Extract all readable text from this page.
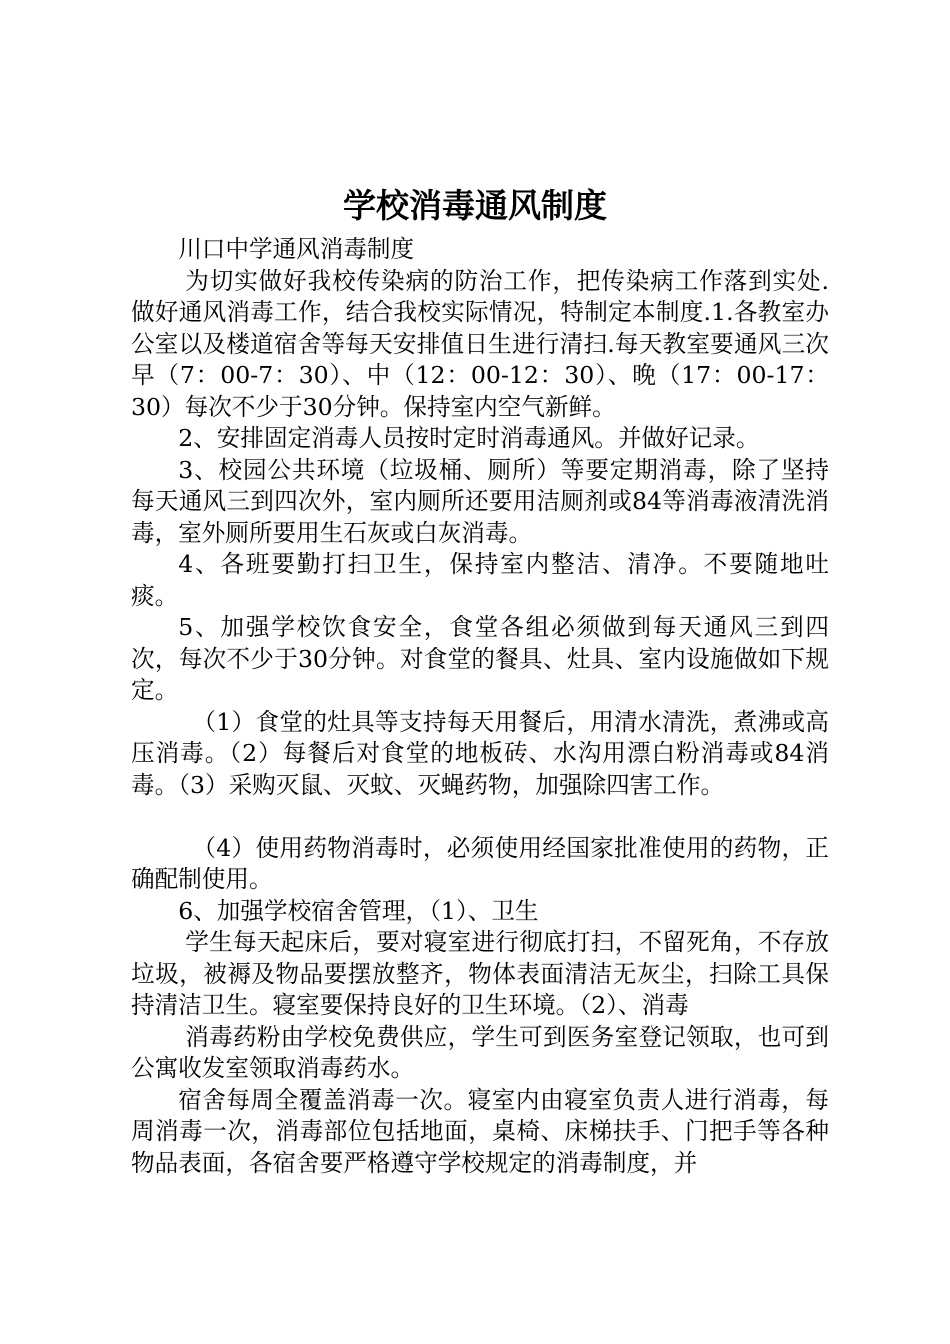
学校消毒通风制度

川口中学通风消毒制度

为切实做好我校传染病的防治工作，把传染病工作落到实处.做好通风消毒工作，结合我校实际情况，特制定本制度.1.各教室办公室以及楼道宿舍等每天安排值日生进行清扫.每天教室要通风三次早（7：00-7：30）、中（12：00-12：30）、晚（17：00-17：30）每次不少于30分钟。保持室内空气新鲜。

2、安排固定消毒人员按时定时消毒通风。并做好记录。

3、校园公共环境（垃圾桶、厕所）等要定期消毒，除了坚持每天通风三到四次外，室内厕所还要用洁厕剂或84等消毒液清洗消毒，室外厕所要用生石灰或白灰消毒。

4、各班要勤打扫卫生，保持室内整洁、清净。不要随地吐痰。

5、加强学校饮食安全，食堂各组必须做到每天通风三到四次，每次不少于30分钟。对食堂的餐具、灶具、室内设施做如下规定。

（1）食堂的灶具等支持每天用餐后，用清水清洗，煮沸或高压消毒。（2）每餐后对食堂的地板砖、水沟用漂白粉消毒或84消毒。（3）采购灭鼠、灭蚊、灭蝇药物，加强除四害工作。

（4）使用药物消毒时，必须使用经国家批准使用的药物，正确配制使用。

6、加强学校宿舍管理，（1）、卫生

学生每天起床后，要对寝室进行彻底打扫，不留死角，不存放垃圾，被褥及物品要摆放整齐，物体表面清洁无灰尘，扫除工具保持清洁卫生。寝室要保持良好的卫生环境。（2）、消毒

消毒药粉由学校免费供应，学生可到医务室登记领取，也可到公寓收发室领取消毒药水。

宿舍每周全覆盖消毒一次。寝室内由寝室负责人进行消毒，每周消毒一次，消毒部位包括地面，桌椅、床梯扶手、门把手等各种物品表面，各宿舍要严格遵守学校规定的消毒制度，并
